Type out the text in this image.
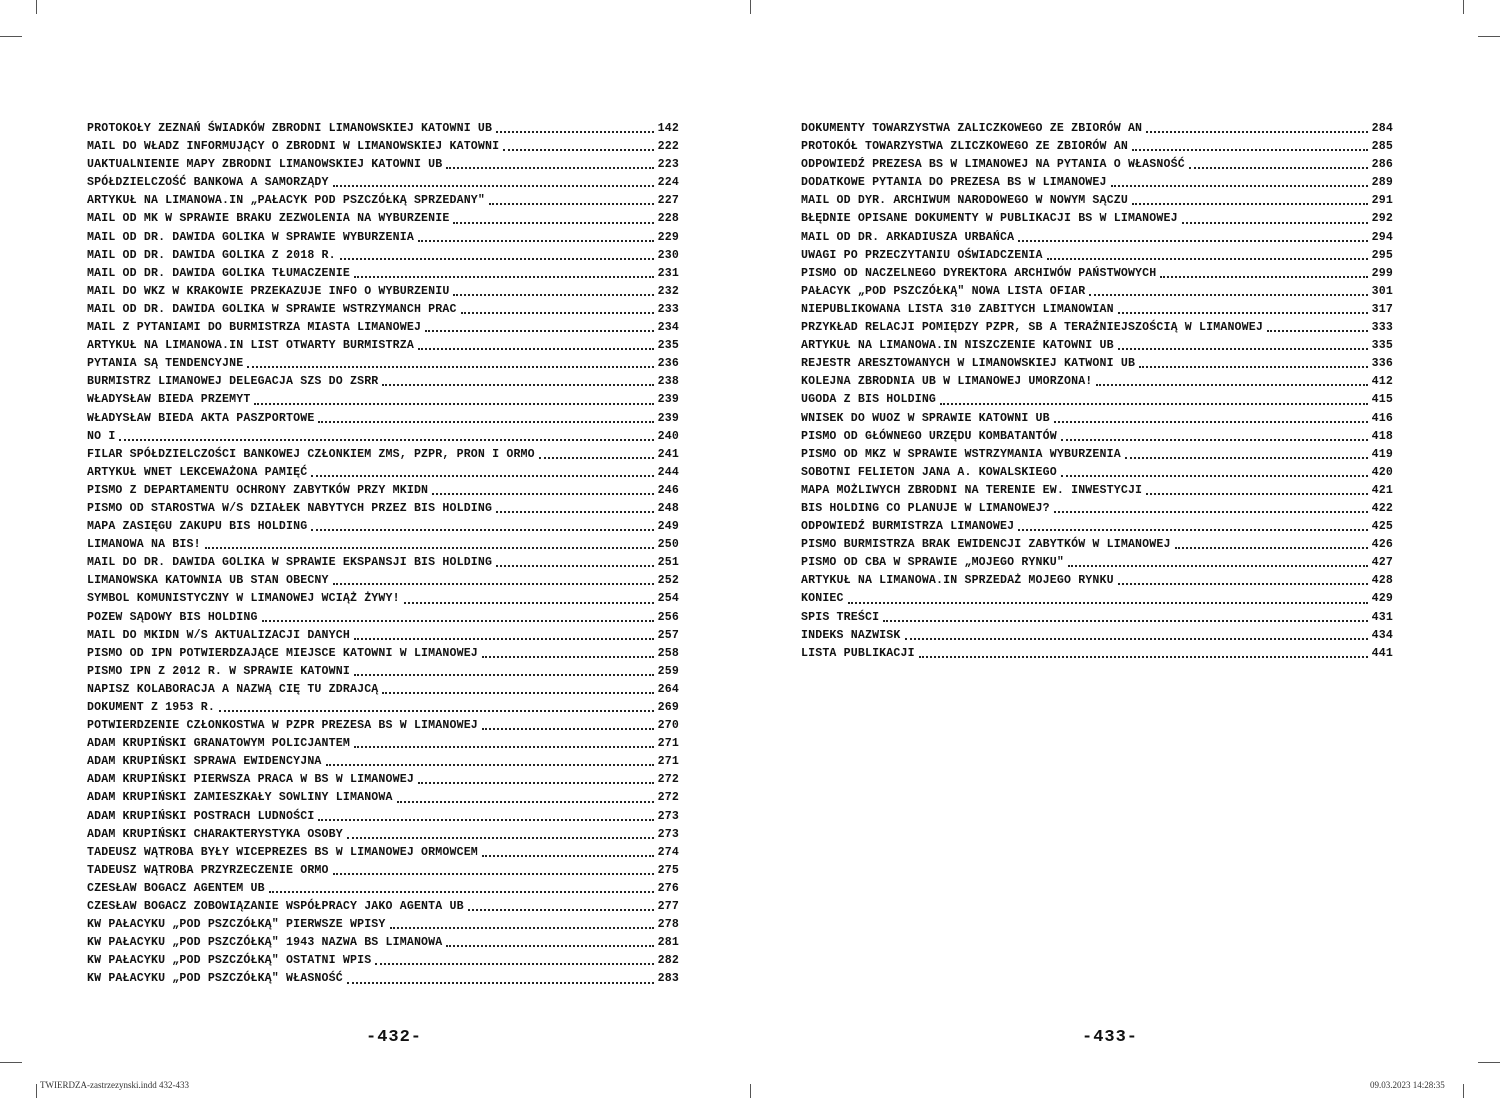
PROTOKOŁY ZEZNAŃ ŚWIADKÓW ZBRODNI LIMANOWSKIEJ KATOWNI UB	142
MAIL DO WŁADZ INFORMUJĄCY O ZBRODNI W LIMANOWSKIEJ KATOWNI	222
UAKTUALNIENIE MAPY ZBRODNI LIMANOWSKIEJ KATOWNI UB	223
SPÓŁDZIELCZOŚĆ BANKOWA A SAMORZĄDY	224
ARTYKUŁ NA LIMANOWA.IN „PAŁACYK POD PSZCZÓŁKĄ SPRZEDANY"	227
MAIL OD MK W SPRAWIE BRAKU ZEZWOLENIA NA WYBURZENIE	228
MAIL OD DR. DAWIDA GOLIKA W SPRAWIE WYBURZENIA	229
MAIL OD DR. DAWIDA GOLIKA Z 2018 R.	230
MAIL OD DR. DAWIDA GOLIKA TŁUMACZENIE	231
MAIL DO WKZ W KRAKOWIE PRZEKAZUJE INFO O WYBURZENIU	232
MAIL OD DR. DAWIDA GOLIKA W SPRAWIE WSTRZYMANCH PRAC	233
MAIL Z PYTANIAMI DO BURMISTRZA MIASTA LIMANOWEJ	234
ARTYKUŁ NA LIMANOWA.IN LIST OTWARTY BURMISTRZA	235
PYTANIA SĄ TENDENCYJNE	236
BURMISTRZ LIMANOWEJ DELEGACJA SZS DO ZSRR	238
WŁADYSŁAW BIEDA PRZEMYT	239
WŁADYSŁAW BIEDA AKTA PASZPORTOWE	239
NO I	240
FILAR SPÓŁDZIELCZOŚCI BANKOWEJ CZŁONKIEM ZMS, PZPR, PRON I ORMO	241
ARTYKUŁ WNET LEKCEWAŻONA PAMIĘĆ	244
PISMO Z DEPARTAMENTU OCHRONY ZABYTKÓW PRZY MKIDN	246
PISMO OD STAROSTWA W/S DZIAŁEK NABYTYCH PRZEZ BIS HOLDING	248
MAPA ZASIĘGU ZAKUPU BIS HOLDING	249
LIMANOWA NA BIS!	250
MAIL DO DR. DAWIDA GOLIKA W SPRAWIE EKSPANSJI BIS HOLDING	251
LIMANOWSKA KATOWNIA UB STAN OBECNY	252
SYMBOL KOMUNISTYCZNY W LIMANOWEJ WCIĄŻ ŻYWY!	254
POZEW SĄDOWY BIS HOLDING	256
MAIL DO MKIDN W/S AKTUALIZACJI DANYCH	257
PISMO OD IPN POTWIERDZAJĄCE MIEJSCE KATOWNI W LIMANOWEJ	258
PISMO IPN Z 2012 R. W SPRAWIE KATOWNI	259
NAPISZ KOLABORACJA A NAZWĄ CIĘ TU ZDRAJCĄ	264
DOKUMENT Z 1953 R.	269
POTWIERDZENIE CZŁONKOSTWA W PZPR PREZESA BS W LIMANOWEJ	270
ADAM KRUPIŃSKI GRANATOWYM POLICJANTEM	271
ADAM KRUPIŃSKI SPRAWA EWIDENCYJNA	271
ADAM KRUPIŃSKI PIERWSZA PRACA W BS W LIMANOWEJ	272
ADAM KRUPIŃSKI ZAMIESZKAŁY SOWLINY LIMANOWA	272
ADAM KRUPIŃSKI POSTRACH LUDNOŚCI	273
ADAM KRUPIŃSKI CHARAKTERYSTYKA OSOBY	273
TADEUSZ WĄTROBA BYŁY WICEPREZES BS W LIMANOWEJ ORMOWCEM	274
TADEUSZ WĄTROBA PRZYRZECZENIE ORMO	275
CZESŁAW BOGACZ AGENTEM UB	276
CZESŁAW BOGACZ ZOBOWIĄZANIE WSPÓŁPRACY JAKO AGENTA UB	277
KW PAŁACYKU „POD PSZCZÓŁKĄ" PIERWSZE WPISY	278
KW PAŁACYKU „POD PSZCZÓŁKĄ" 1943 NAZWA BS LIMANOWA	281
KW PAŁACYKU „POD PSZCZÓŁKĄ" OSTATNI WPIS	282
KW PAŁACYKU „POD PSZCZÓŁKĄ" WŁASNOŚĆ	283
DOKUMENTY TOWARZYSTWA ZALICZKOWEGO ZE ZBIORÓW AN	284
PROTOKÓŁ TOWARZYSTWA ZLICZKOWEGO ZE ZBIORÓW AN	285
ODPOWIEDŹ PREZESA BS W LIMANOWEJ NA PYTANIA O WŁASNOŚĆ	286
DODATKOWE PYTANIA DO PREZESA BS W LIMANOWEJ	289
MAIL OD DYR. ARCHIWUM NARODOWEGO W NOWYM SĄCZU	291
BŁĘDNIE OPISANE DOKUMENTY W PUBLIKACJI BS W LIMANOWEJ	292
MAIL OD DR. ARKADIUSZA URBAŃCA	294
UWAGI PO PRZECZYTANIU OŚWIADCZENIA	295
PISMO OD NACZELNEGO DYREKTORA ARCHIWÓW PAŃSTWOWYCH	299
PAŁACYK „POD PSZCZÓŁKĄ" NOWA LISTA OFIAR	301
NIEPUBLIKOWANA LISTA 310 ZABITYCH LIMANOWIAN	317
PRZYKŁAD RELACJI POMIĘDZY PZPR, SB A TERAŹNIEJSZOŚCIĄ W LIMANOWEJ	333
ARTYKUŁ NA LIMANOWA.IN NISZCZENIE KATOWNI UB	335
REJESTR ARESZTOWANYCH W LIMANOWSKIEJ KATWONI UB	336
KOLEJNA ZBRODNIA UB W LIMANOWEJ UMORZONA!	412
UGODA Z BIS HOLDING	415
WNISEK DO WUOZ W SPRAWIE KATOWNI UB	416
PISMO OD GŁÓWNEGO URZĘDU KOMBATANTÓW	418
PISMO OD MKZ W SPRAWIE WSTRZYMANIA WYBURZENIA	419
SOBOTNI FELIETON JANA A. KOWALSKIEGO	420
MAPA MOŻLIWYCH ZBRODNI NA TERENIE EW. INWESTYCJI	421
BIS HOLDING CO PLANUJE W LIMANOWEJ?	422
ODPOWIEDŹ BURMISTRZA LIMANOWEJ	425
PISMO BURMISTRZA BRAK EWIDENCJI ZABYTKÓW W LIMANOWEJ	426
PISMO OD CBA W SPRAWIE „MOJEGO RYNKU"	427
ARTYKUŁ NA LIMANOWA.IN SPRZEDAŻ MOJEGO RYNKU	428
KONIEC	429
SPIS TREŚCI	431
INDEKS NAZWISK	434
LISTA PUBLIKACJI	441
-432-	-433-
TWIERDZA-zastrzezynski.indd 432-433	09.03.2023 14:28:35
